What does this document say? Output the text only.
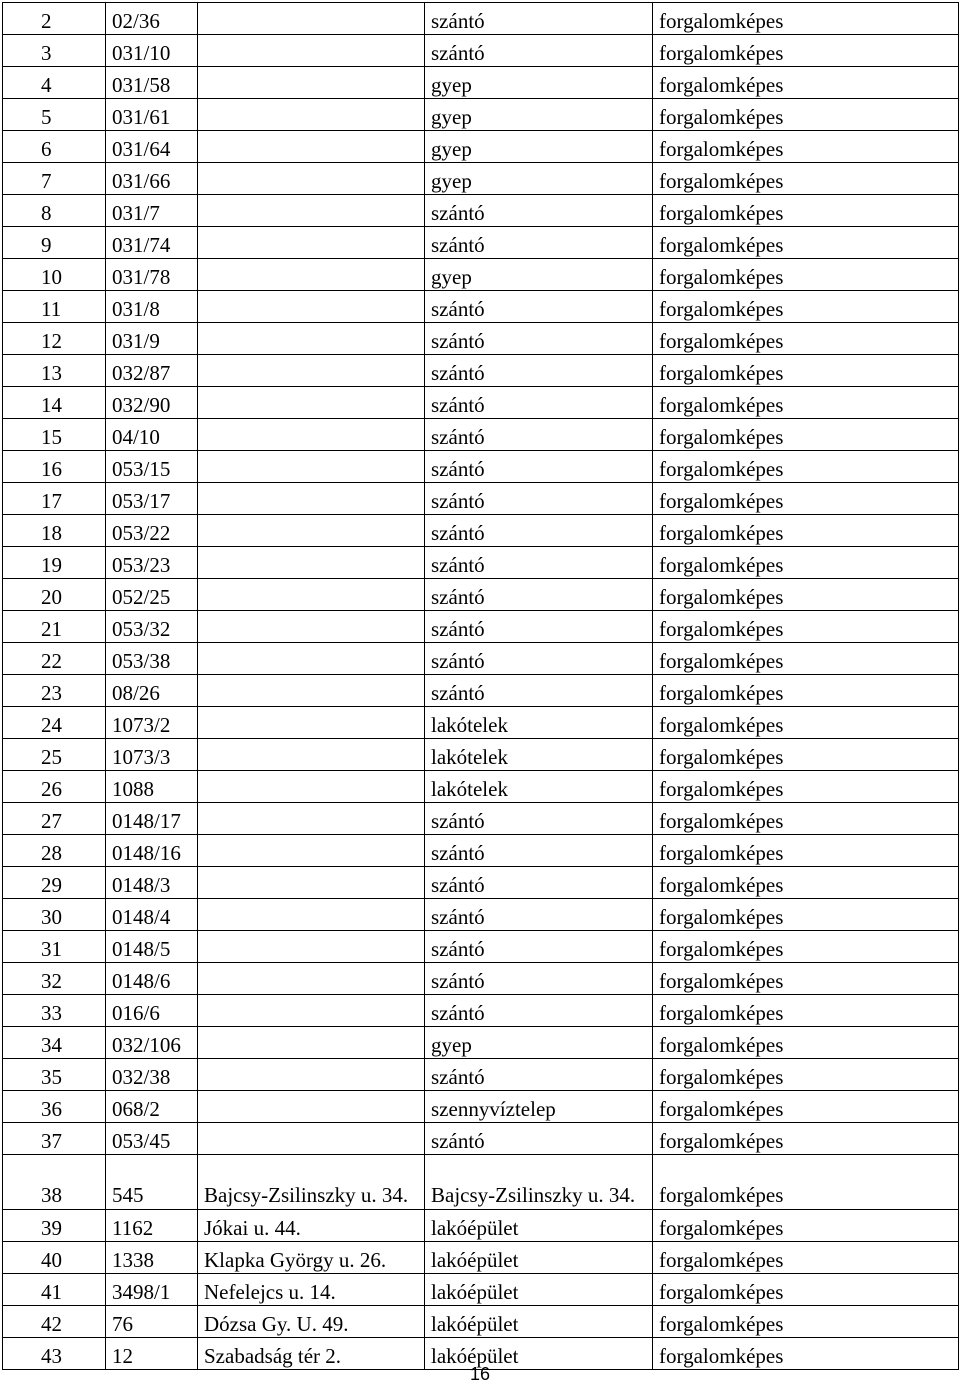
2	02/36		szántó	forgalomképes
3	031/10		szántó	forgalomképes
4	031/58		gyep	forgalomképes
5	031/61		gyep	forgalomképes
6	031/64		gyep	forgalomképes
7	031/66		gyep	forgalomképes
8	031/7		szántó	forgalomképes
9	031/74		szántó	forgalomképes
10	031/78		gyep	forgalomképes
11	031/8		szántó	forgalomképes
12	031/9		szántó	forgalomképes
13	032/87		szántó	forgalomképes
14	032/90		szántó	forgalomképes
15	04/10		szántó	forgalomképes
16	053/15		szántó	forgalomképes
17	053/17		szántó	forgalomképes
18	053/22		szántó	forgalomképes
19	053/23		szántó	forgalomképes
20	052/25		szántó	forgalomképes
21	053/32		szántó	forgalomképes
22	053/38		szántó	forgalomképes
23	08/26		szántó	forgalomképes
24	1073/2		lakótelek	forgalomképes
25	1073/3		lakótelek	forgalomképes
26	1088		lakótelek	forgalomképes
27	0148/17		szántó	forgalomképes
28	0148/16		szántó	forgalomképes
29	0148/3		szántó	forgalomképes
30	0148/4		szántó	forgalomképes
31	0148/5		szántó	forgalomképes
32	0148/6		szántó	forgalomképes
33	016/6		szántó	forgalomképes
34	032/106		gyep	forgalomképes
35	032/38		szántó	forgalomképes
36	068/2		szennyvíztelep	forgalomképes
37	053/45		szántó	forgalomképes
38	545	Bajcsy-Zsilinszky u. 34.	Bajcsy-Zsilinszky u. 34.	forgalomképes
39	1162	Jókai u. 44.	lakóépület	forgalomképes
40	1338	Klapka György u. 26.	lakóépület	forgalomképes
41	3498/1	Nefelejcs u. 14.	lakóépület	forgalomképes
42	76	Dózsa Gy. U. 49.	lakóépület	forgalomképes
43	12	Szabadság tér 2.	lakóépület	forgalomképes
16
